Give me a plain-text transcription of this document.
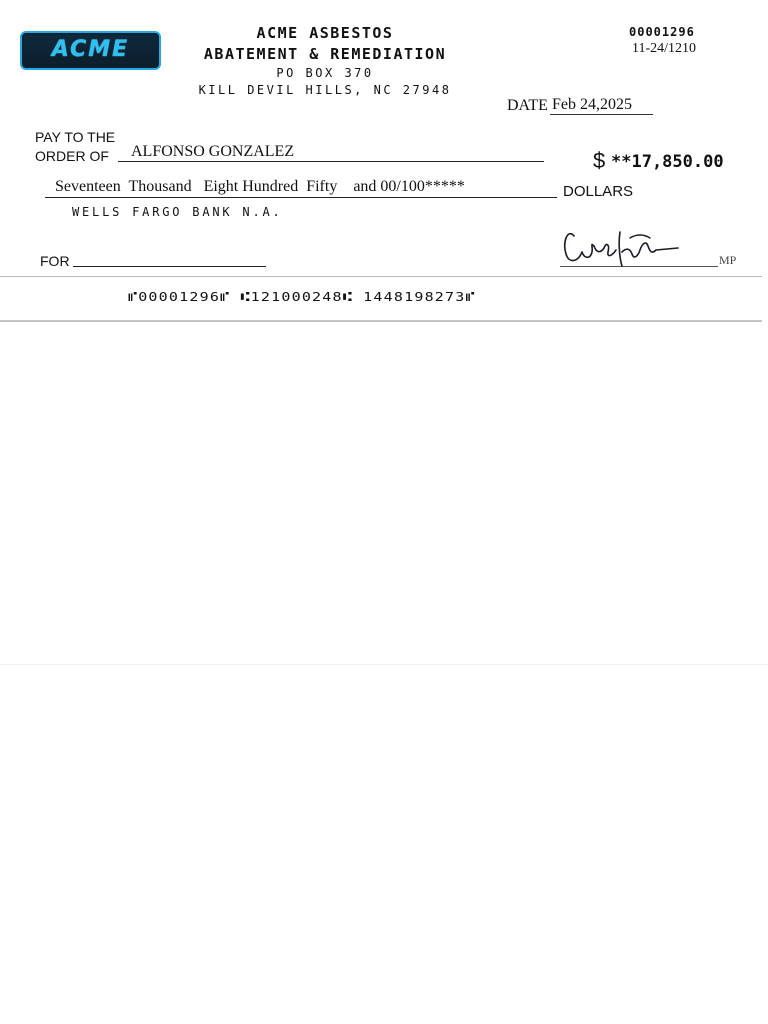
ACME
ACME ASBESTOS
ABATEMENT & REMEDIATION
PO BOX 370
KILL DEVIL HILLS, NC 27948
00001296
11-24/1210
DATE Feb 24,2025
PAY TO THE
ORDER OF	ALFONSO GONZALEZ	$ **17,850.00
Seventeen  Thousand   Eight Hundred  Fifty    and 00/100*****	DOLLARS
WELLS FARGO BANK N.A.
FOR	MP
⑈00001296⑈ ⑆121000248⑆ 1448198273⑈
